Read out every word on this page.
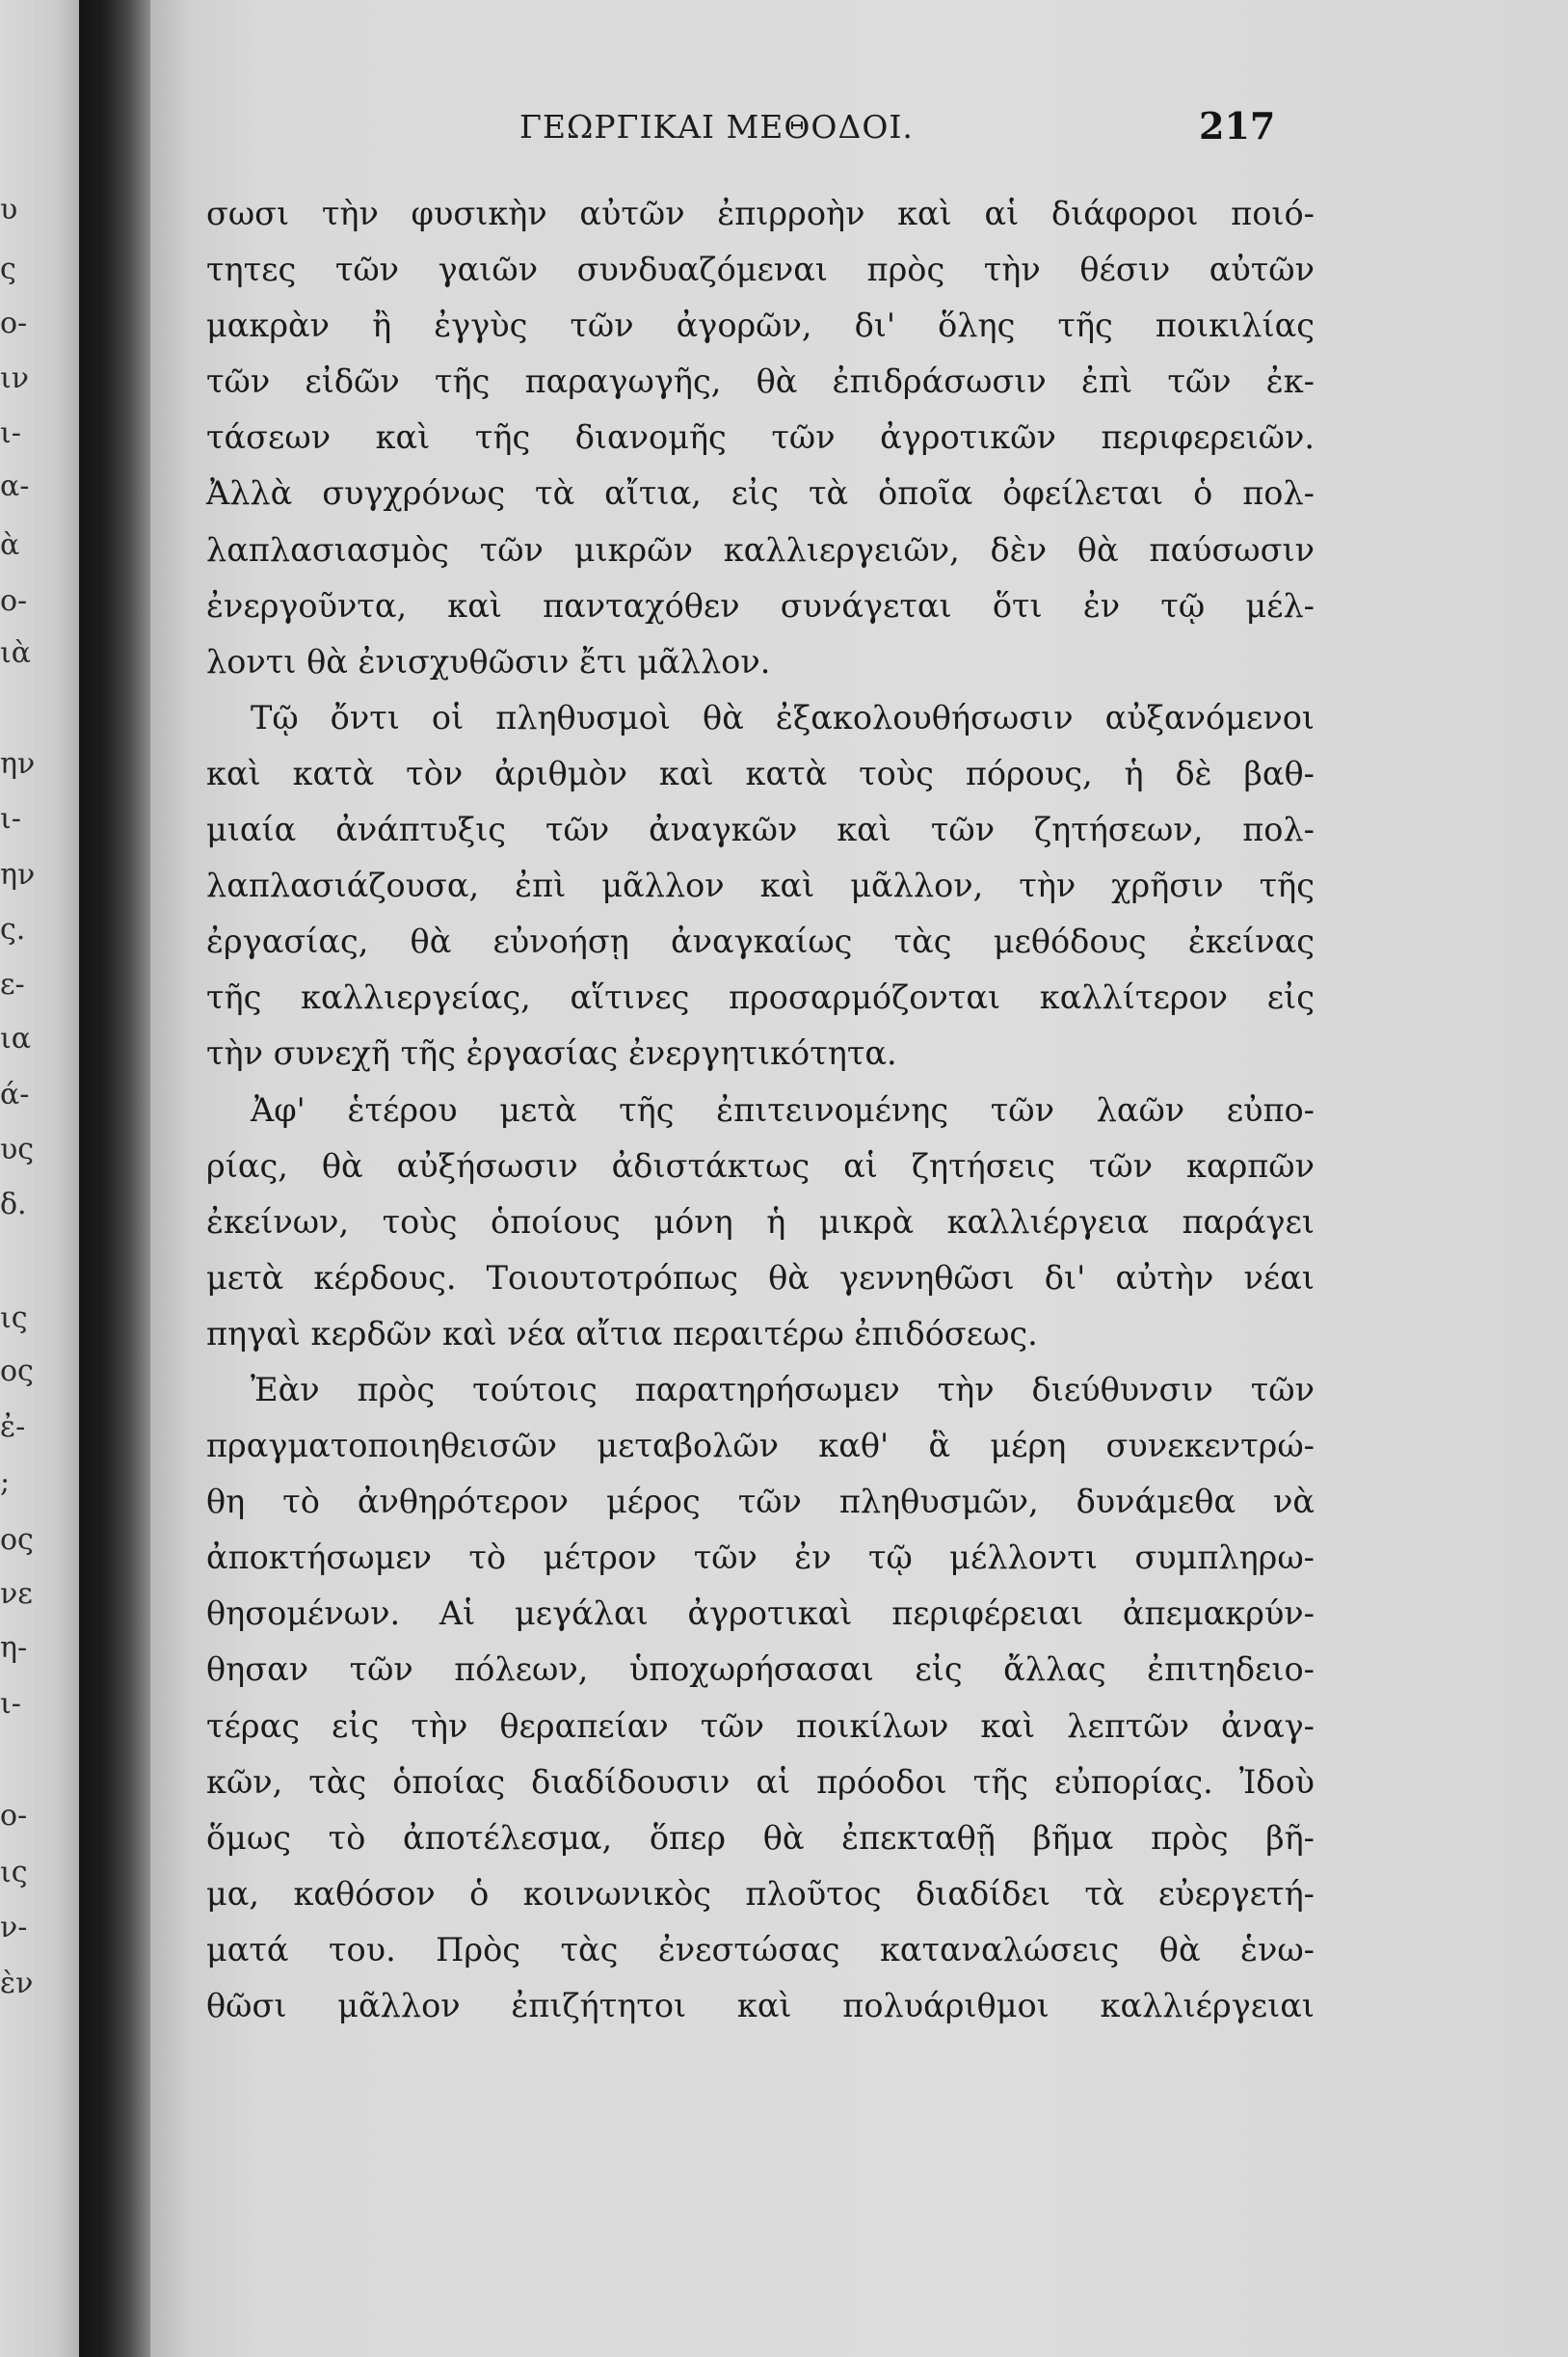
υ
ς
ο-
ιν
ι-
α-
ὰ
ο-
ιὰ
ην
ι-
ην
ς.
ε-
ια
ά-
υς
δ.
ις
ος
ἐ-
;
ος
νε
η-
ι-
ο-
ις
ν-
ὲν
ΓΕΩΡΓΙΚΑΙ ΜΕΘΟΔΟΙ.	217
σωσι τὴν φυσικὴν αὐτῶν ἐπιρροὴν καὶ αἱ διάφοροι ποιό-
τητες τῶν γαιῶν συνδυαζόμεναι πρὸς τὴν θέσιν αὐτῶν
μακρὰν ἢ ἐγγὺς τῶν ἀγορῶν, δι' ὅλης τῆς ποικιλίας
τῶν εἰδῶν τῆς παραγωγῆς, θὰ ἐπιδράσωσιν ἐπὶ τῶν ἐκ-
τάσεων καὶ τῆς διανομῆς τῶν ἀγροτικῶν περιφερειῶν.
Ἀλλὰ συγχρόνως τὰ αἴτια, εἰς τὰ ὁποῖα ὀφείλεται ὁ πολ-
λαπλασιασμὸς τῶν μικρῶν καλλιεργειῶν, δὲν θὰ παύσωσιν
ἐνεργοῦντα, καὶ πανταχόθεν συνάγεται ὅτι ἐν τῷ μέλ-
λοντι θὰ ἐνισχυθῶσιν ἔτι μᾶλλον.
Τῷ ὄντι οἱ πληθυσμοὶ θὰ ἐξακολουθήσωσιν αὐξανόμενοι
καὶ κατὰ τὸν ἀριθμὸν καὶ κατὰ τοὺς πόρους, ἡ δὲ βαθ-
μιαία ἀνάπτυξις τῶν ἀναγκῶν καὶ τῶν ζητήσεων, πολ-
λαπλασιάζουσα, ἐπὶ μᾶλλον καὶ μᾶλλον, τὴν χρῆσιν τῆς
ἐργασίας, θὰ εὐνοήσῃ ἀναγκαίως τὰς μεθόδους ἐκείνας
τῆς καλλιεργείας, αἵτινες προσαρμόζονται καλλίτερον εἰς
τὴν συνεχῆ τῆς ἐργασίας ἐνεργητικότητα.
Ἀφ' ἑτέρου μετὰ τῆς ἐπιτεινομένης τῶν λαῶν εὐπο-
ρίας, θὰ αὐξήσωσιν ἀδιστάκτως αἱ ζητήσεις τῶν καρπῶν
ἐκείνων, τοὺς ὁποίους μόνη ἡ μικρὰ καλλιέργεια παράγει
μετὰ κέρδους. Τοιουτοτρόπως θὰ γεννηθῶσι δι' αὐτὴν νέαι
πηγαὶ κερδῶν καὶ νέα αἴτια περαιτέρω ἐπιδόσεως.
Ἐὰν πρὸς τούτοις παρατηρήσωμεν τὴν διεύθυνσιν τῶν
πραγματοποιηθεισῶν μεταβολῶν καθ' ἃ μέρη συνεκεντρώ-
θη τὸ ἀνθηρότερον μέρος τῶν πληθυσμῶν, δυνάμεθα νὰ
ἀποκτήσωμεν τὸ μέτρον τῶν ἐν τῷ μέλλοντι συμπληρω-
θησομένων. Αἱ μεγάλαι ἀγροτικαὶ περιφέρειαι ἀπεμακρύν-
θησαν τῶν πόλεων, ὑποχωρήσασαι εἰς ἄλλας ἐπιτηδειο-
τέρας εἰς τὴν θεραπείαν τῶν ποικίλων καὶ λεπτῶν ἀναγ-
κῶν, τὰς ὁποίας διαδίδουσιν αἱ πρόοδοι τῆς εὐπορίας. Ἰδοὺ
ὅμως τὸ ἀποτέλεσμα, ὅπερ θὰ ἐπεκταθῇ βῆμα πρὸς βῆ-
μα, καθόσον ὁ κοινωνικὸς πλοῦτος διαδίδει τὰ εὐεργετή-
ματά του. Πρὸς τὰς ἐνεστώσας καταναλώσεις θὰ ἑνω-
θῶσι μᾶλλον ἐπιζήτητοι καὶ πολυάριθμοι καλλιέργειαι
